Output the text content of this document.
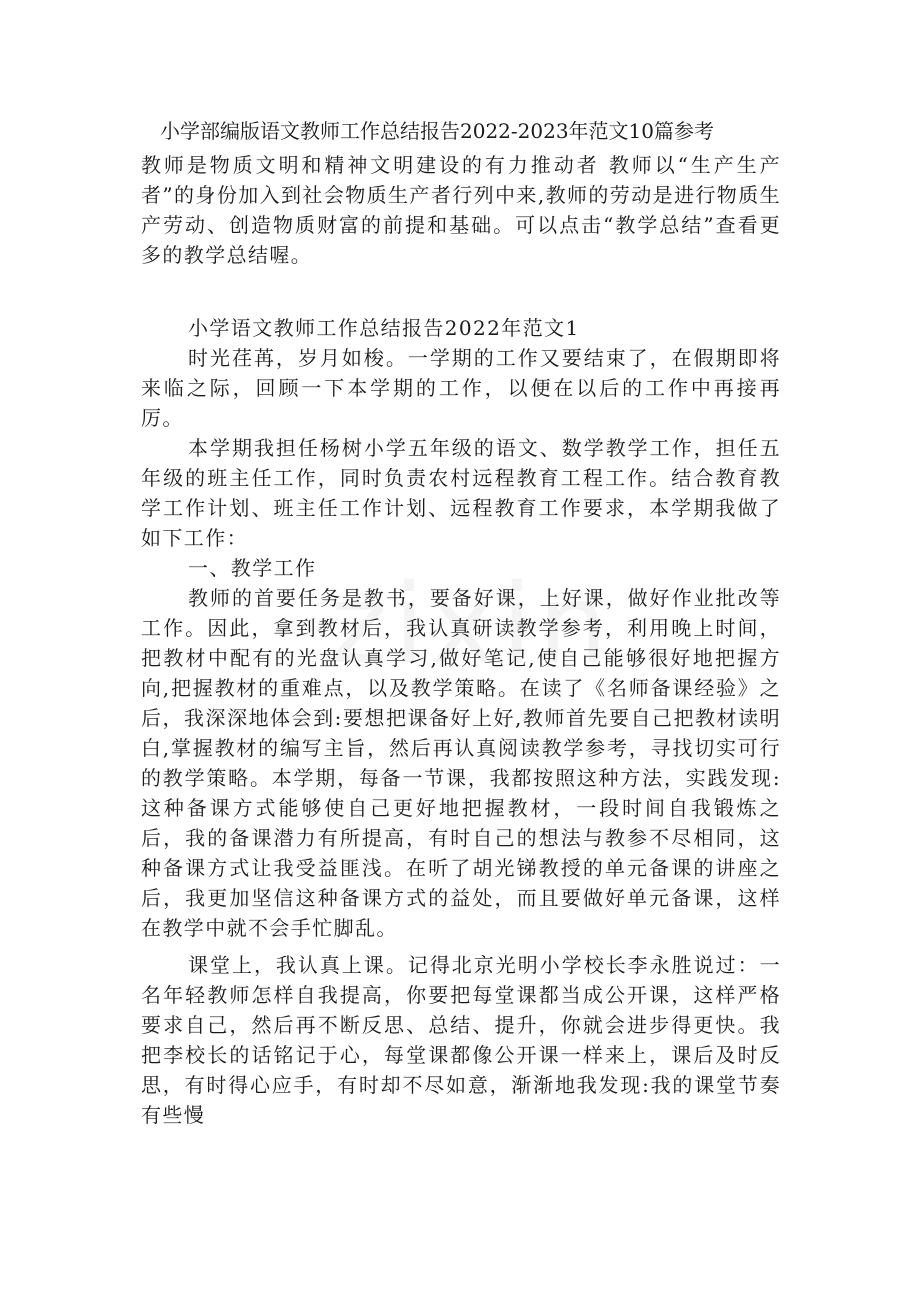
小学部编版语文教师工作总结报告2022-2023年范文10篇参考

教师是物质文明和精神文明建设的有力推动者 教师以“生产生产者”的身份加入到社会物质生产者行列中来,教师的劳动是进行物质生产劳动、创造物质财富的前提和基础。可以点击“教学总结”查看更多的教学总结喔。

小学语文教师工作总结报告2022年范文1

时光荏苒，岁月如梭。一学期的工作又要结束了，在假期即将来临之际，回顾一下本学期的工作，以便在以后的工作中再接再厉。

本学期我担任杨树小学五年级的语文、数学教学工作，担任五年级的班主任工作，同时负责农村远程教育工程工作。结合教育教学工作计划、班主任工作计划、远程教育工作要求，本学期我做了如下工作：

一、教学工作

教师的首要任务是教书，要备好课，上好课，做好作业批改等工作。因此，拿到教材后，我认真研读教学参考，利用晚上时间，把教材中配有的光盘认真学习,做好笔记,使自己能够很好地把握方向,把握教材的重难点，以及教学策略。在读了《名师备课经验》之后，我深深地体会到:要想把课备好上好,教师首先要自己把教材读明白,掌握教材的编写主旨，然后再认真阅读教学参考，寻找切实可行的教学策略。本学期，每备一节课，我都按照这种方法，实践发现:这种备课方式能够使自己更好地把握教材，一段时间自我锻炼之后，我的备课潜力有所提高，有时自己的想法与教参不尽相同，这种备课方式让我受益匪浅。在听了胡光锑教授的单元备课的讲座之后，我更加坚信这种备课方式的益处，而且要做好单元备课，这样在教学中就不会手忙脚乱。

课堂上，我认真上课。记得北京光明小学校长李永胜说过：一名年轻教师怎样自我提高，你要把每堂课都当成公开课，这样严格要求自己，然后再不断反思、总结、提升，你就会进步得更快。我把李校长的话铭记于心，每堂课都像公开课一样来上，课后及时反思，有时得心应手，有时却不尽如意，渐渐地我发现:我的课堂节奏有些慢
